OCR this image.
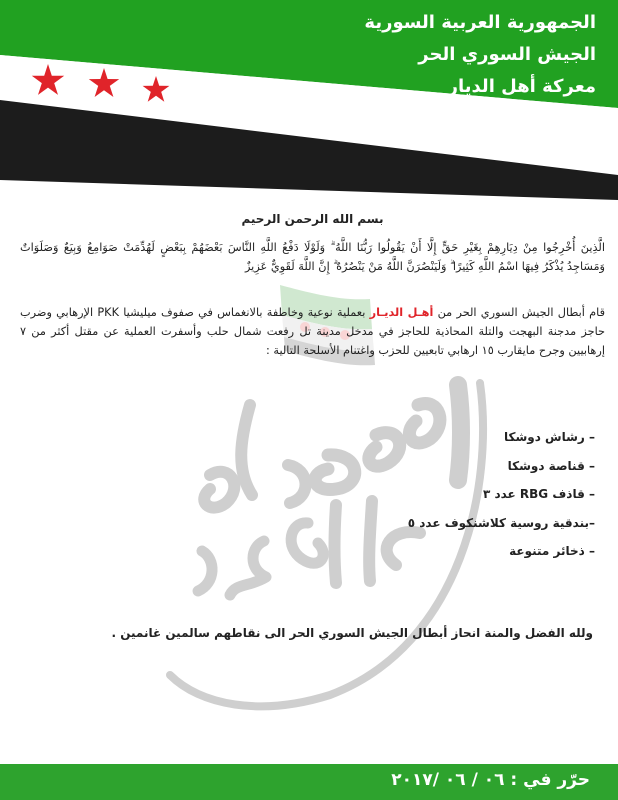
الجمهورية العربية السورية
الجيش السوري الحر
معركة أهل الديار
بسم الله الرحمن الرحيم
الَّذِينَ أُخْرِجُوا مِنْ دِيَارِهِمْ بِغَيْرِ حَقٍّ إِلَّا أَنْ يَقُولُوا رَبُّنَا اللَّهُ ۗ وَلَوْلَا دَفْعُ اللَّهِ النَّاسَ بَعْضَهُمْ بِبَعْضٍ لَهُدِّمَتْ صَوَامِعُ وَبِيَعٌ وَصَلَوَاتٌ وَمَسَاجِدُ يُذْكَرُ فِيهَا اسْمُ اللَّهِ كَثِيرًا ۗ وَلَيَنْصُرَنَّ اللَّهُ مَنْ يَنْصُرُهُ ۗ إِنَّ اللَّهَ لَقَوِيٌّ عَزِيزٌ
قام أبطال الجيش السوري الحر من أهـل الديـار بعملية نوعية وخاطفة بالانغماس في صفوف ميليشيا PKK الإرهابي وضرب حاجز مدجنة البهجت والتلة المحاذية للحاجز في مدخل مدينة تل رفعت شمال حلب وأسفرت العملية عن مقتل أكثر من ٧ إرهابيين وجرح مايقارب ١٥ ارهابي تابعيين للحزب واغتنام الأسلحة التالية :
– رشاش دوشكا
– قناصة دوشكا
– قاذف RBG عدد ٣
–بندقية روسية كلاشنكوف عدد ٥
– ذخائر متنوعة
ولله الفضل والمنة انحاز أبطال الجيش السوري الحر الى نقاطهم سالمين غانمين .
حرّر في : ٠٦ / ٠٦ /٢٠١٧
